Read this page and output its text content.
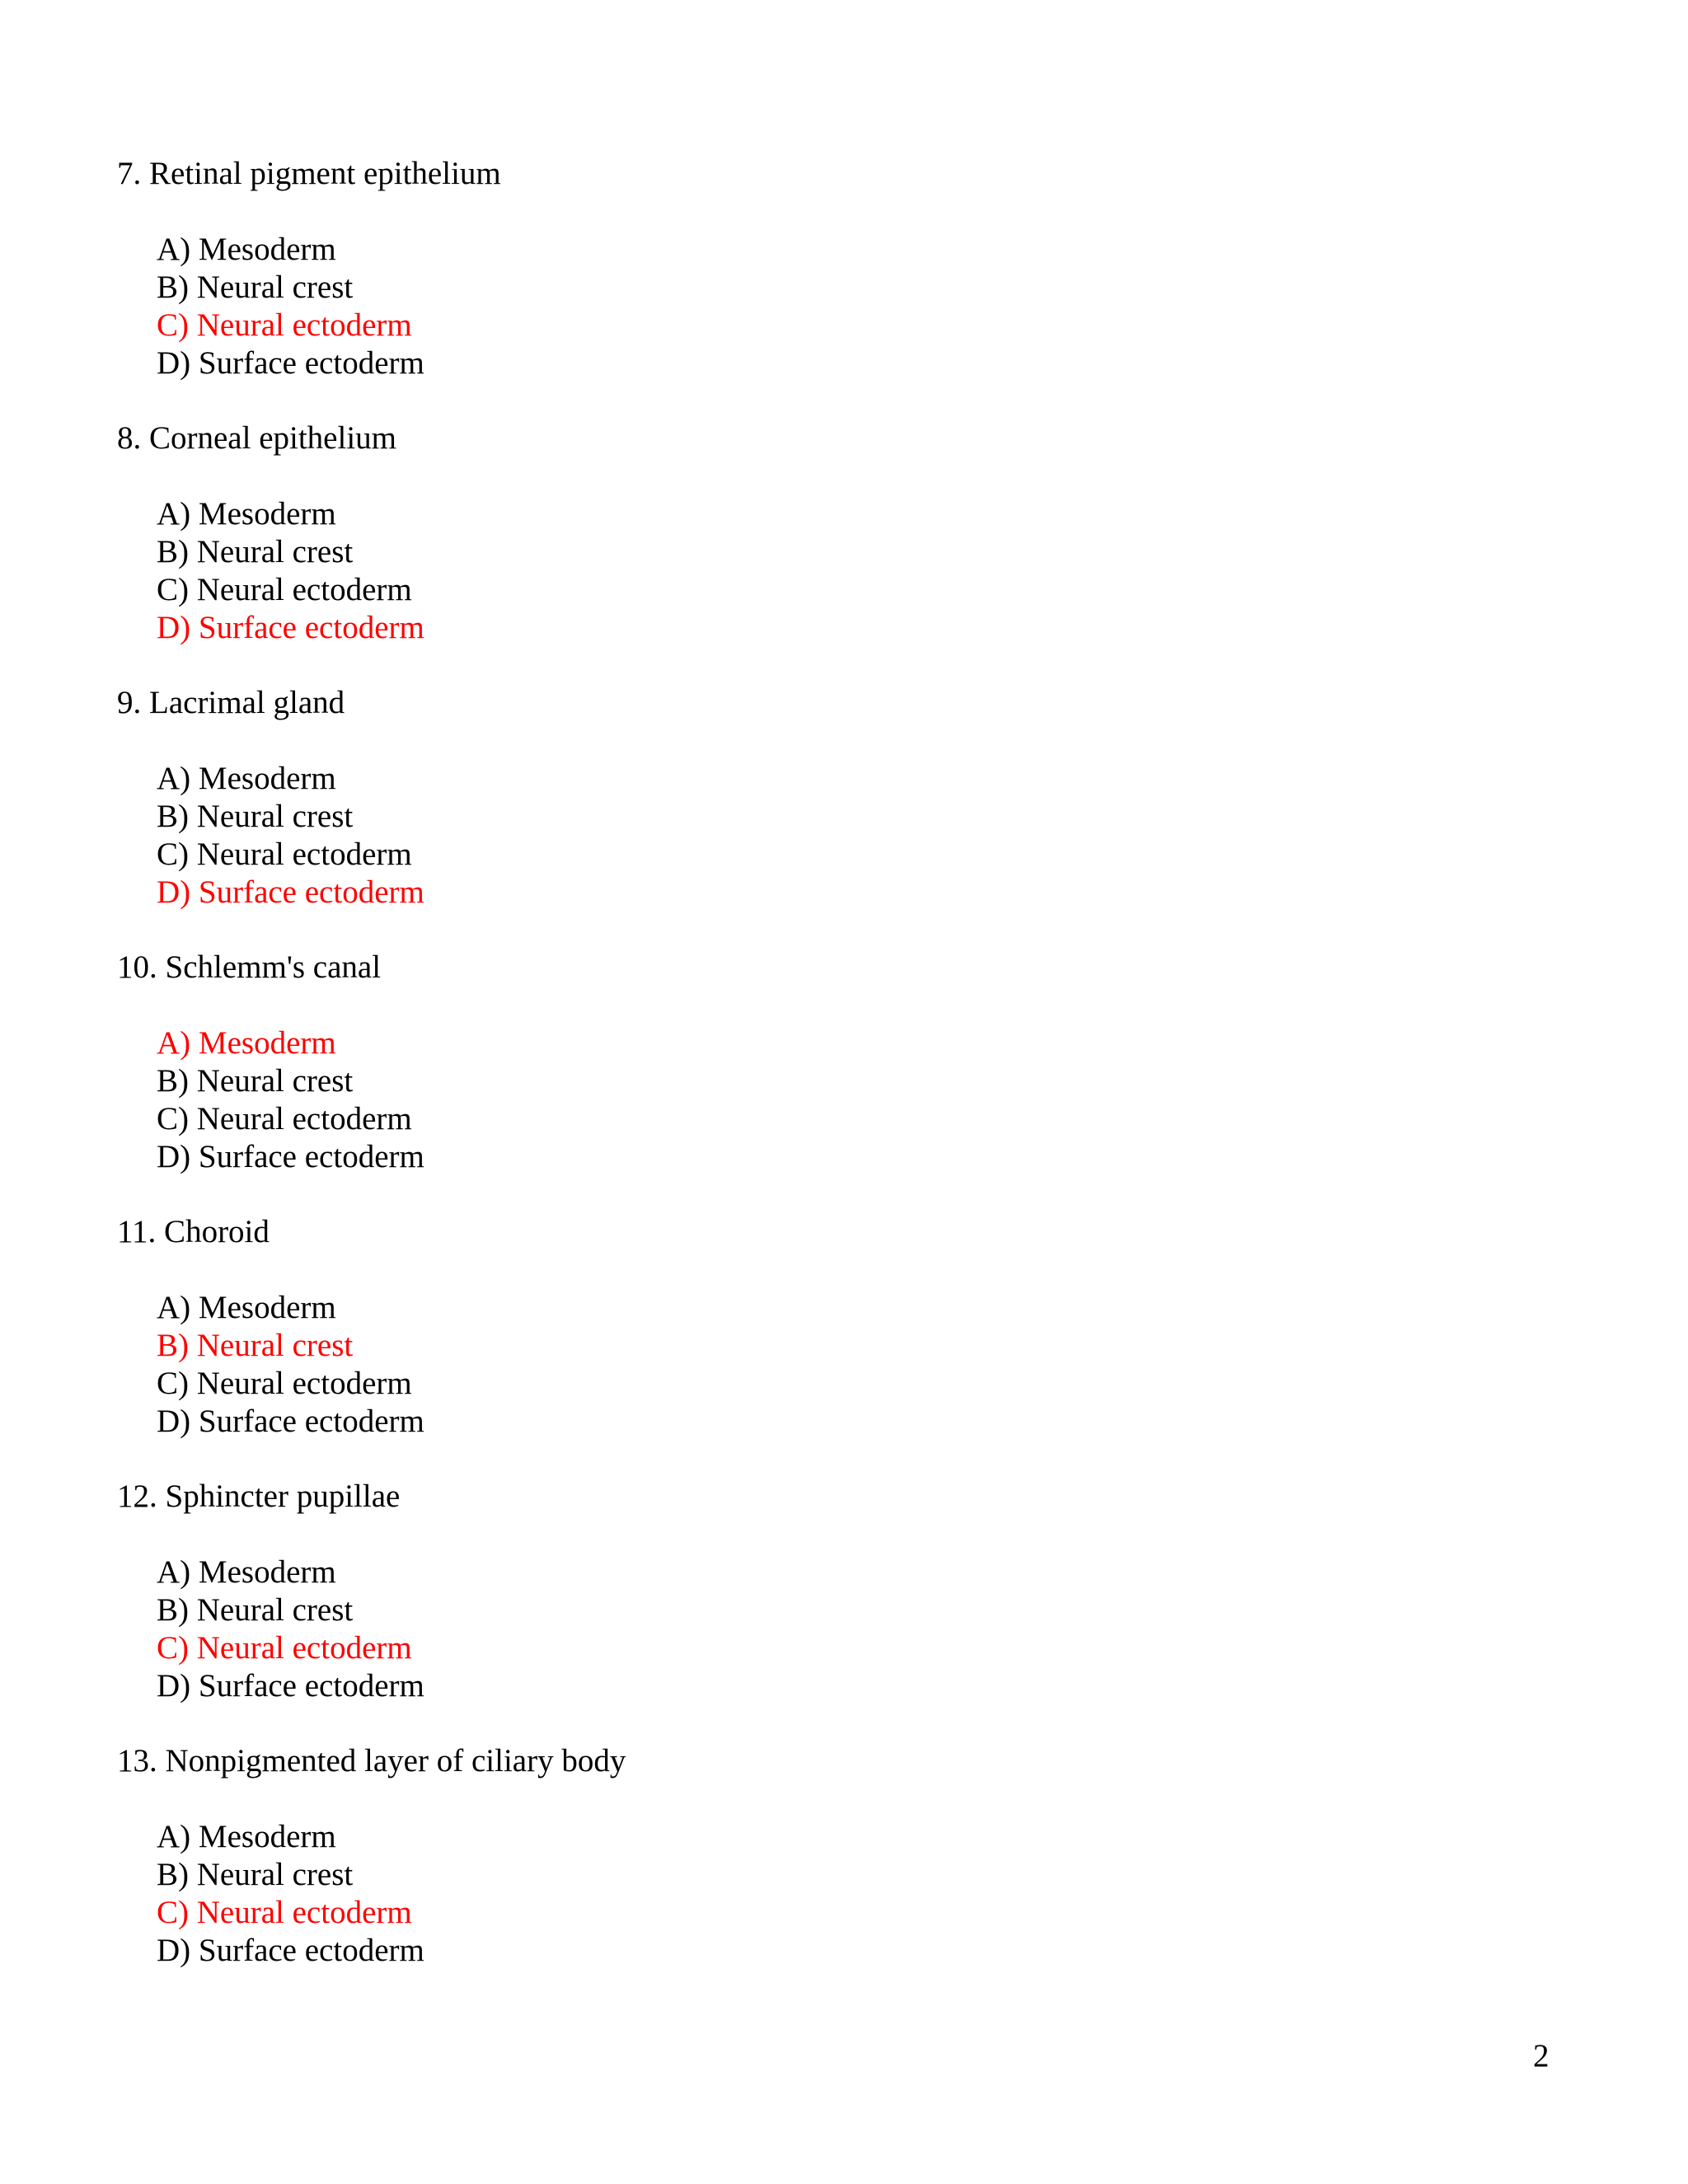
7. Retinal pigment epithelium

A) Mesoderm
B) Neural crest
C) Neural ectoderm
D) Surface ectoderm

8. Corneal epithelium

A) Mesoderm
B) Neural crest
C) Neural ectoderm
D) Surface ectoderm

9. Lacrimal gland

A) Mesoderm
B) Neural crest
C) Neural ectoderm
D) Surface ectoderm

10. Schlemm's canal

A) Mesoderm
B) Neural crest
C) Neural ectoderm
D) Surface ectoderm

11. Choroid

A) Mesoderm
B) Neural crest
C) Neural ectoderm
D) Surface ectoderm

12. Sphincter pupillae

A) Mesoderm
B) Neural crest
C) Neural ectoderm
D) Surface ectoderm

13. Nonpigmented layer of ciliary body

A) Mesoderm
B) Neural crest
C) Neural ectoderm
D) Surface ectoderm
2
